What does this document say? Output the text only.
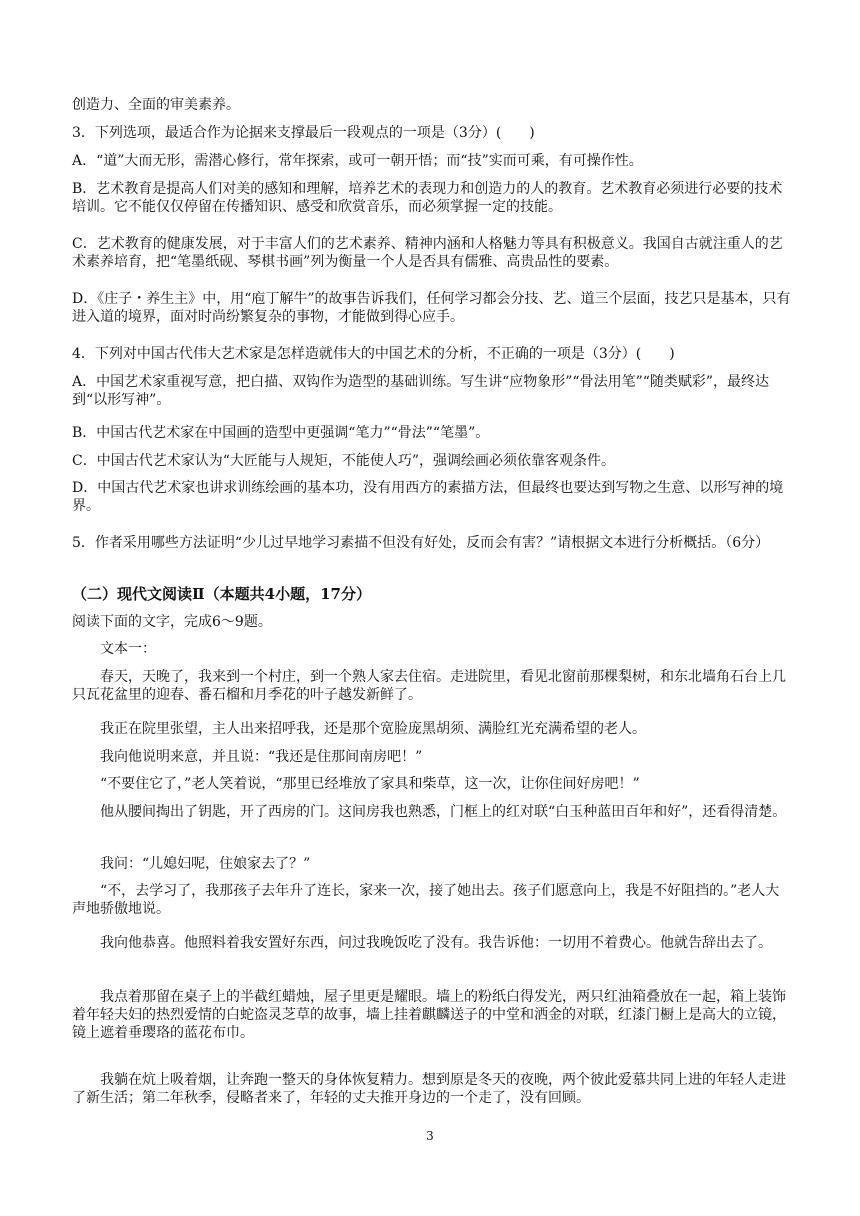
创造力、全面的审美素养。
3．下列选项，最适合作为论据来支撑最后一段观点的一项是（3分）(　　)
A．“道”大而无形，需潜心修行，常年探索，或可一朝开悟；而“技”实而可乘，有可操作性。
B．艺术教育是提高人们对美的感知和理解，培养艺术的表现力和创造力的人的教育。艺术教育必须进行必要的技术培训。它不能仅仅停留在传播知识、感受和欣赏音乐，而必须掌握一定的技能。
C．艺术教育的健康发展，对于丰富人们的艺术素养、精神内涵和人格魅力等具有积极意义。我国自古就注重人的艺术素养培育，把“笔墨纸砚、琴棋书画”列为衡量一个人是否具有儒雅、高贵品性的要素。
D．《庄子・养生主》中，用“庖丁解牛”的故事告诉我们，任何学习都会分技、艺、道三个层面，技艺只是基本，只有进入道的境界，面对时尚纷繁复杂的事物，才能做到得心应手。
4．下列对中国古代伟大艺术家是怎样造就伟大的中国艺术的分析，不正确的一项是（3分）(　　)
A．中国艺术家重视写意，把白描、双钩作为造型的基础训练。写生讲“应物象形”“骨法用笔”“随类赋彩”，最终达到“以形写神”。
B．中国古代艺术家在中国画的造型中更强调“笔力”“骨法”“笔墨”。
C．中国古代艺术家认为“大匠能与人规矩，不能使人巧”，强调绘画必须依靠客观条件。
D．中国古代艺术家也讲求训练绘画的基本功，没有用西方的素描方法，但最终也要达到写物之生意、以形写神的境界。
5．作者采用哪些方法证明“少儿过早地学习素描不但没有好处，反而会有害？”请根据文本进行分析概括。（6分）
（二）现代文阅读Ⅱ（本题共4小题，17分）
阅读下面的文字，完成6～9题。
文本一：
春天，天晚了，我来到一个村庄，到一个熟人家去住宿。走进院里，看见北窗前那棵梨树，和东北墙角石台上几只瓦花盆里的迎春、番石榴和月季花的叶子越发新鲜了。
我正在院里张望，主人出来招呼我，还是那个宽脸庞黑胡须、满脸红光充满希望的老人。
我向他说明来意，并且说：“我还是住那间南房吧！”
“不要住它了，”老人笑着说，“那里已经堆放了家具和柴草，这一次，让你住间好房吧！”
他从腰间掏出了钥匙，开了西房的门。这间房我也熟悉，门框上的红对联“白玉种蓝田百年和好”，还看得清楚。
我问：“儿媳妇呢，住娘家去了？”
“不，去学习了，我那孩子去年升了连长，家来一次，接了她出去。孩子们愿意向上，我是不好阻挡的。”老人大声地骄傲地说。
我向他恭喜。他照料着我安置好东西，问过我晚饭吃了没有。我告诉他：一切用不着费心。他就告辞出去了。
我点着那留在桌子上的半截红蜡烛，屋子里更是耀眼。墙上的粉纸白得发光，两只红油箱叠放在一起，箱上装饰着年轻夫妇的热烈爱情的白蛇盗灵芝草的故事，墙上挂着麒麟送子的中堂和洒金的对联，红漆门橱上是高大的立镜，镜上遮着垂璎珞的蓝花布巾。
我躺在炕上吸着烟，让奔跑一整天的身体恢复精力。想到原是冬天的夜晚，两个彼此爱慕共同上进的年轻人走进了新生活；第二年秋季，侵略者来了，年轻的丈夫推开身边的一个走了，没有回顾。
3
